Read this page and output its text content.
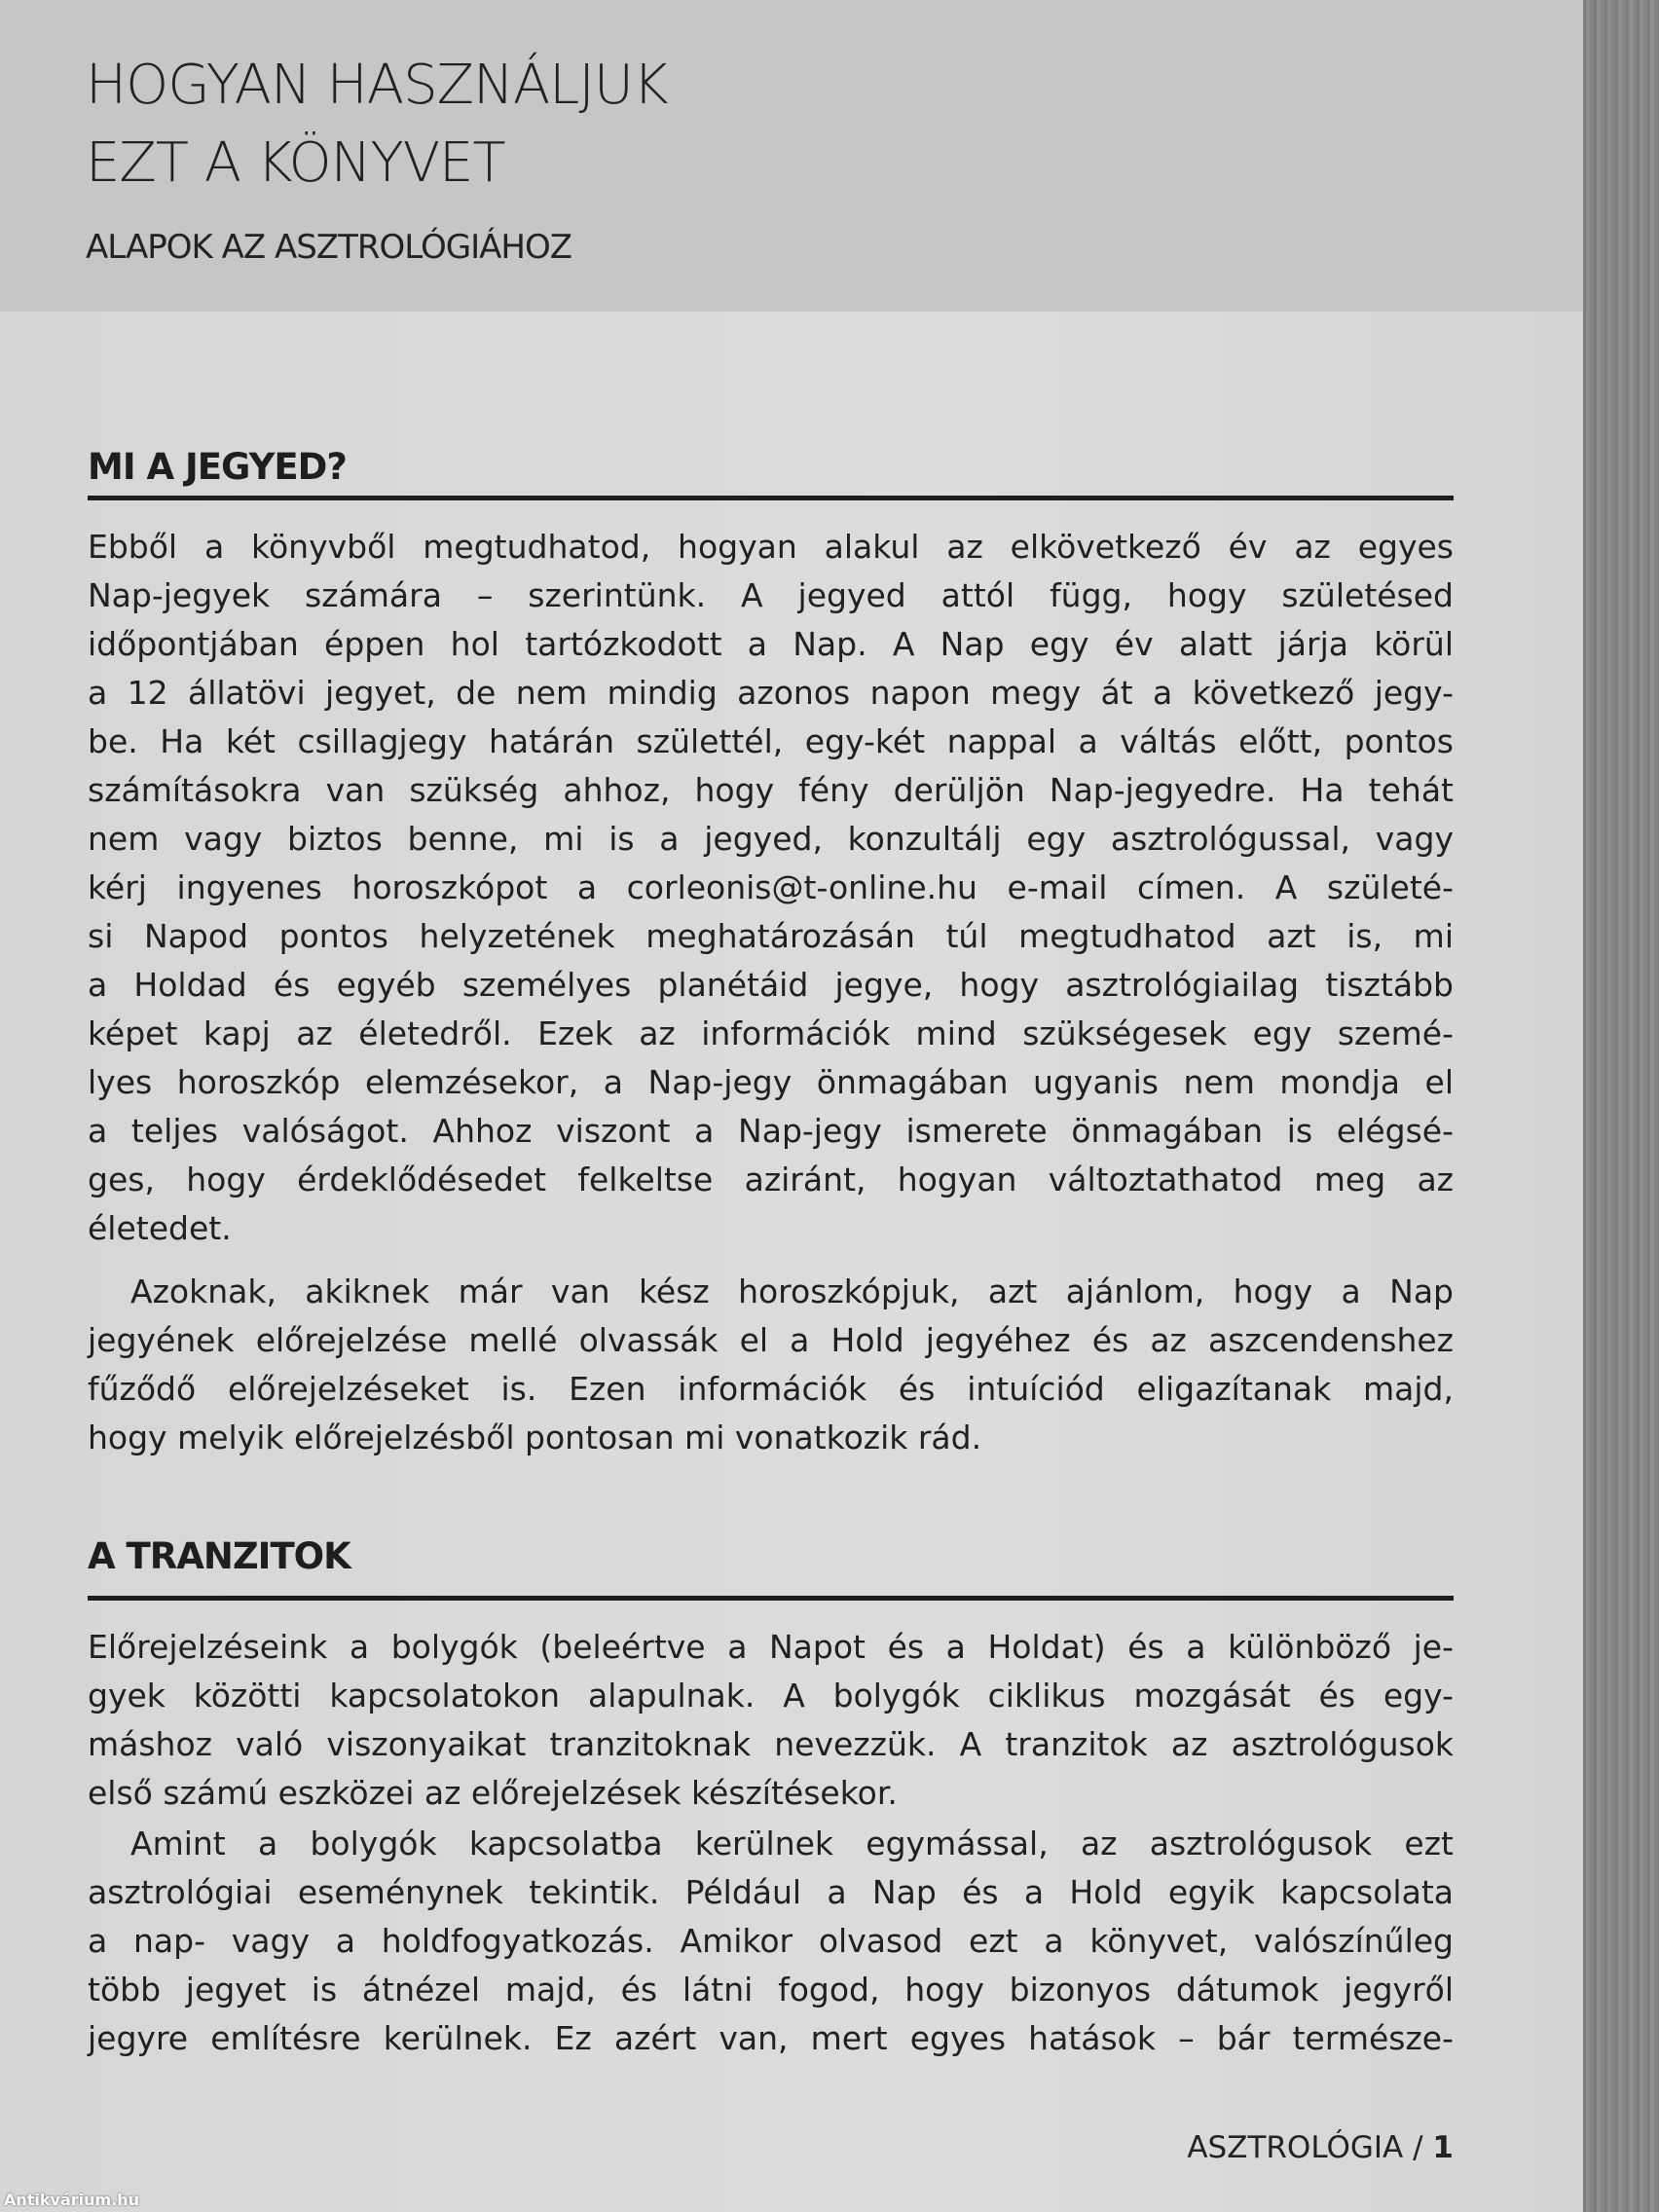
HOGYAN HASZNÁLJUK
EZT A KÖNYVET
ALAPOK AZ ASZTROLÓGIÁHOZ
MI A JEGYED?
Ebből a könyvből megtudhatod, hogyan alakul az elkövetkező év az egyes
Nap-jegyek számára – szerintünk. A jegyed attól függ, hogy születésed
időpontjában éppen hol tartózkodott a Nap. A Nap egy év alatt járja körül
a 12 állatövi jegyet, de nem mindig azonos napon megy át a következő jegy-
be. Ha két csillagjegy határán születtél, egy-két nappal a váltás előtt, pontos
számításokra van szükség ahhoz, hogy fény derüljön Nap-jegyedre. Ha tehát
nem vagy biztos benne, mi is a jegyed, konzultálj egy asztrológussal, vagy
kérj ingyenes horoszkópot a corleonis@t-online.hu e-mail címen. A születé-
si Napod pontos helyzetének meghatározásán túl megtudhatod azt is, mi
a Holdad és egyéb személyes planétáid jegye, hogy asztrológiailag tisztább
képet kapj az életedről. Ezek az információk mind szükségesek egy szemé-
lyes horoszkóp elemzésekor, a Nap-jegy önmagában ugyanis nem mondja el
a teljes valóságot. Ahhoz viszont a Nap-jegy ismerete önmagában is elégsé-
ges, hogy érdeklődésedet felkeltse aziránt, hogyan változtathatod meg az
életedet.
Azoknak, akiknek már van kész horoszkópjuk, azt ajánlom, hogy a Nap
jegyének előrejelzése mellé olvassák el a Hold jegyéhez és az aszcendenshez
fűződő előrejelzéseket is. Ezen információk és intuíciód eligazítanak majd,
hogy melyik előrejelzésből pontosan mi vonatkozik rád.
A TRANZITOK
Előrejelzéseink a bolygók (beleértve a Napot és a Holdat) és a különböző je-
gyek közötti kapcsolatokon alapulnak. A bolygók ciklikus mozgását és egy-
máshoz való viszonyaikat tranzitoknak nevezzük. A tranzitok az asztrológusok
első számú eszközei az előrejelzések készítésekor.
Amint a bolygók kapcsolatba kerülnek egymással, az asztrológusok ezt
asztrológiai eseménynek tekintik. Például a Nap és a Hold egyik kapcsolata
a nap- vagy a holdfogyatkozás. Amikor olvasod ezt a könyvet, valószínűleg
több jegyet is átnézel majd, és látni fogod, hogy bizonyos dátumok jegyről
jegyre említésre kerülnek. Ez azért van, mert egyes hatások – bár természe-
ASZTROLÓGIA / 1
Antikvárium.hu
